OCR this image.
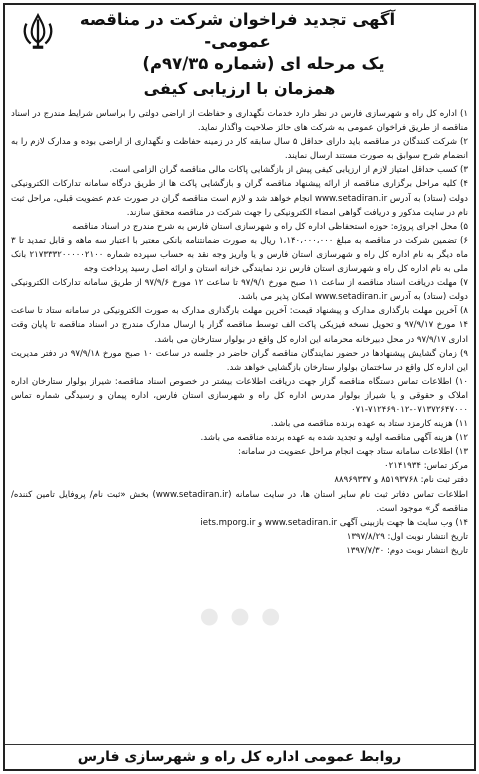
آگهی تجدید فراخوان شرکت در مناقصه عمومی-
یک مرحله ای (شماره ۹۷/۳۵م)
همزمان با ارزیابی کیفی

۱) اداره کل راه و شهرسازی فارس در نظر دارد خدمات نگهداری و حفاظت از اراضی دولتی را براساس شرایط مندرج در اسناد مناقصه از طریق فراخوان عمومی به شرکت های حائز صلاحیت واگذار نماید.

۲) شرکت کنندگان در مناقصه باید دارای حداقل ۵ سال سابقه کار در زمینه حفاظت و نگهداری از اراضی بوده و مدارک لازم را به انضمام شرح سوابق به صورت مستند ارسال نمایند.

۳) کسب حداقل امتیاز لازم از ارزیابی کیفی پیش از بازگشایی پاکات مالی مناقصه گران الزامی است.

۴) کلیه مراحل برگزاری مناقصه از ارائه پیشنهاد مناقصه گران و بازگشایی پاکت ها از طریق درگاه سامانه تدارکات الکترونیکی دولت (ستاد) به آدرس www.setadiran.ir انجام خواهد شد و لازم است مناقصه گران در صورت عدم عضویت قبلی، مراحل ثبت نام در سایت مذکور و دریافت گواهی امضاء الکترونیکی را جهت شرکت در مناقصه محقق سازند.

۵) محل اجرای پروژه: حوزه استحفاظی اداره کل راه و شهرسازی استان فارس به شرح مندرج در اسناد مناقصه

۶) تضمین شرکت در مناقصه به مبلغ ۱،۱۴۰،۰۰۰،۰۰۰ ریال به صورت ضمانتنامه بانکی معتبر با اعتبار سه ماهه و قابل تمدید تا ۳ ماه دیگر به نام اداره کل راه و شهرسازی استان فارس و یا واریز وجه نقد به حساب سپرده شماره ۲۱۷۳۳۳۲۰۰۰۰۰۲۱۰۰ بانک ملی به نام اداره کل راه و شهرسازی استان فارس نزد نمایندگی خزانه استان و ارائه اصل رسید پرداخت وجه

۷) مهلت دریافت اسناد مناقصه از ساعت ۱۱ صبح مورخ ۹۷/۹/۱ تا ساعت ۱۲ مورخ ۹۷/۹/۶ از طریق سامانه تدارکات الکترونیکی دولت (ستاد) به آدرس www.setadiran.ir امکان پذیر می باشد.

۸) آخرین مهلت بارگذاری مدارک و پیشنهاد قیمت: آخرین مهلت بارگذاری مدارک به صورت الکترونیکی در سامانه ستاد تا ساعت ۱۴ مورخ ۹۷/۹/۱۷ و تحویل نسخه فیزیکی پاکت الف توسط مناقصه گزار یا ارسال مدارک مندرج در اسناد مناقصه تا پایان وقت اداری ۹۷/۹/۱۷ در محل دبیرخانه محرمانه این اداره کل واقع در بولوار ستارخان می باشد.

۹) زمان گشایش پیشنهادها در حضور نمایندگان مناقصه گران حاضر در جلسه در ساعت ۱۰ صبح مورخ ۹۷/۹/۱۸ در دفتر مدیریت این اداره کل واقع در ساختمان بولوار ستارخان بازگشایی خواهد شد.

۱۰) اطلاعات تماس دستگاه مناقصه گزار جهت دریافت اطلاعات بیشتر در خصوص اسناد مناقصه: شیراز بولوار ستارخان اداره املاک و حقوقی و یا شیراز بولوار مدرس اداره کل راه و شهرسازی استان فارس، اداره پیمان و رسیدگی شماره تماس ۰۷۱۳۷۲۶۴۷۰۰۰-۷۱۲۴۶۹۰۱۲-۰۷۱

۱۱) هزینه کارمزد ستاد به عهده برنده مناقصه می باشد.

۱۲) هزینه آگهی مناقصه اولیه و تجدید شده به عهده برنده مناقصه می باشد.

۱۳) اطلاعات سامانه ستاد جهت انجام مراحل عضویت در سامانه:

مرکز تماس: ۰۲۱۴۱۹۳۴

دفتر ثبت نام: ۸۵۱۹۳۷۶۸ و ۸۸۹۶۹۳۳۷

اطلاعات تماس دفاتر ثبت نام سایر استان ها، در سایت سامانه (www.setadiran.ir) بخش «ثبت نام/ پروفایل تامین کننده/ مناقصه گر» موجود است.

۱۴) وب سایت ها جهت بازبینی آگهی www.setadiran.ir و iets.mporg.ir

تاریخ انتشار نوبت اول: ۱۳۹۷/۸/۲۹

تاریخ انتشار نوبت دوم: ۱۳۹۷/۷/۳۰

روابط عمومی اداره کل راه و شهرسازی فارس
•••
